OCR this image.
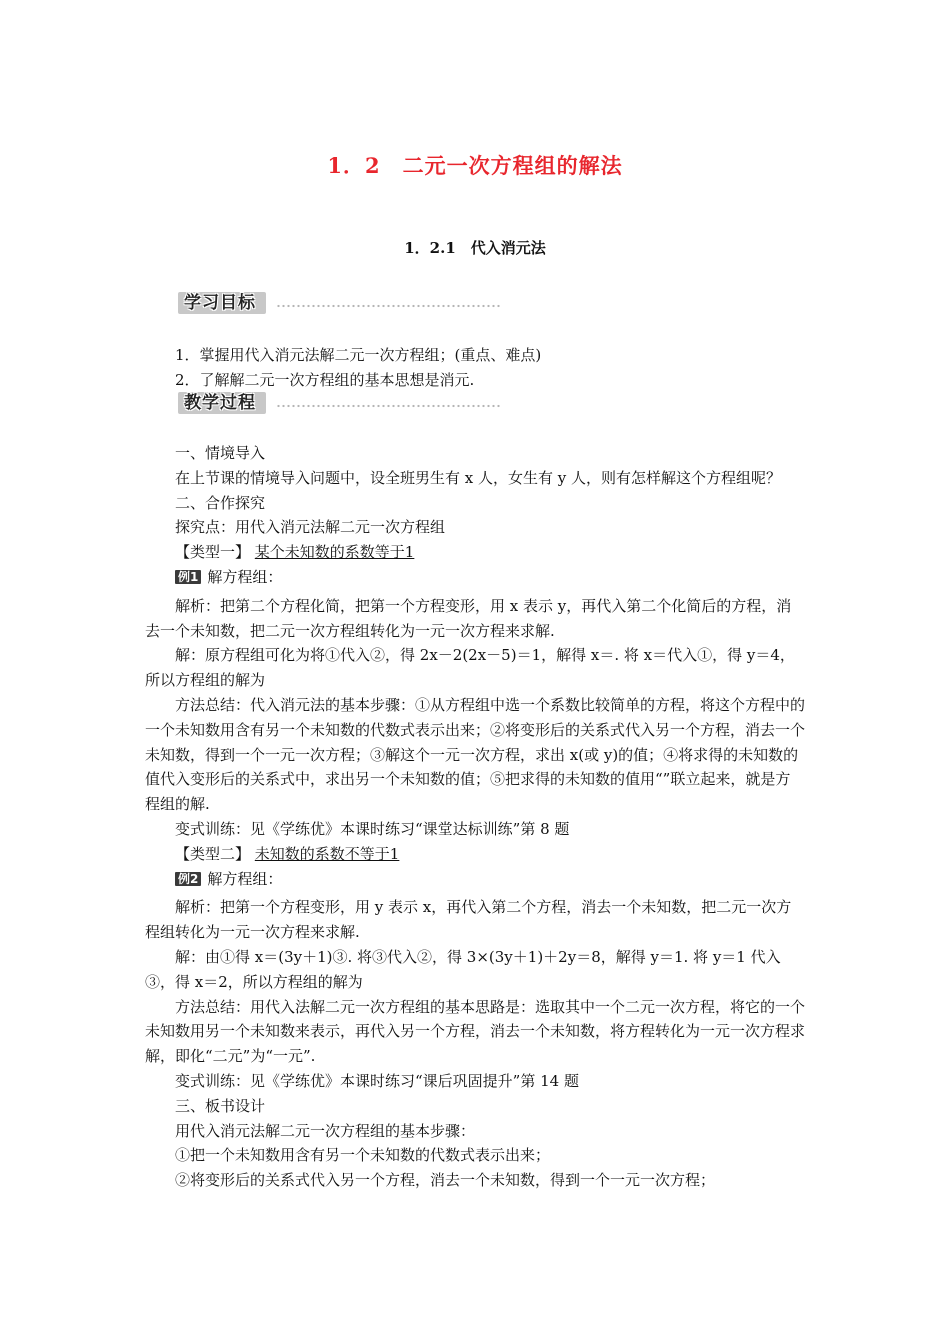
1．2　二元一次方程组的解法
1．2.1　代入消元法
学习目标

1．掌握用代入消元法解二元一次方程组；(重点、难点)

2．了解解二元一次方程组的基本思想是消元.

教学过程

一、情境导入

在上节课的情境导入问题中，设全班男生有 x 人，女生有 y 人，则有怎样解这个方程组呢？

二、合作探究

探究点：用代入消元法解二元一次方程组

【类型一】 某个未知数的系数等于1

例1 解方程组：

解析：把第二个方程化简，把第一个方程变形，用 x 表示 y，再代入第二个化简后的方程，消去一个未知数，把二元一次方程组转化为一元一次方程来求解.

解：原方程组可化为将①代入②，得 2x－2(2x－5)＝1，解得 x＝. 将 x＝代入①，得 y＝4，所以方程组的解为

方法总结：代入消元法的基本步骤：①从方程组中选一个系数比较简单的方程，将这个方程中的一个未知数用含有另一个未知数的代数式表示出来；②将变形后的关系式代入另一个方程，消去一个未知数，得到一个一元一次方程；③解这个一元一次方程，求出 x(或 y)的值；④将求得的未知数的值代入变形后的关系式中，求出另一个未知数的值；⑤把求得的未知数的值用“”联立起来，就是方程组的解.

变式训练：见《学练优》本课时练习“课堂达标训练”第 8 题

【类型二】 未知数的系数不等于1

例2 解方程组：

解析：把第一个方程变形，用 y 表示 x，再代入第二个方程，消去一个未知数，把二元一次方程组转化为一元一次方程来求解.

解：由①得 x＝(3y＋1)③. 将③代入②，得 3×(3y＋1)＋2y＝8，解得 y＝1. 将 y＝1 代入③，得 x＝2，所以方程组的解为

方法总结：用代入法解二元一次方程组的基本思路是：选取其中一个二元一次方程，将它的一个未知数用另一个未知数来表示，再代入另一个方程，消去一个未知数，将方程转化为一元一次方程求解，即化“二元”为“一元”.

变式训练：见《学练优》本课时练习“课后巩固提升”第 14 题

三、板书设计

用代入消元法解二元一次方程组的基本步骤：

①把一个未知数用含有另一个未知数的代数式表示出来；

②将变形后的关系式代入另一个方程，消去一个未知数，得到一个一元一次方程；
